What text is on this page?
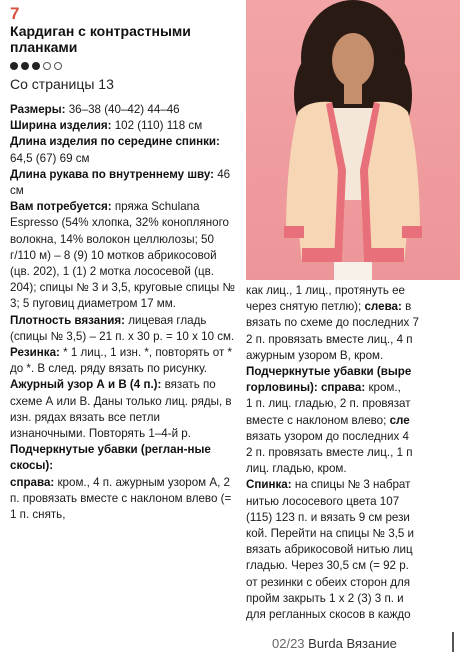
7
Кардиган с контрастными планками
Со страницы 13

Размеры: 36–38 (40–42) 44–46

Ширина изделия: 102 (110) 118 см

Длина изделия по середине спинки: 64,5 (67) 69 см

Длина рукава по внутреннему шву: 46 см

Вам потребуется: пряжа Schulana Espresso (54% хлопка, 32% конопляного волокна, 14% волокон целлюлозы; 50 г/110 м) – 8 (9) 10 мотков абрикосовой (цв. 202), 1 (1) 2 мотка лососевой (цв. 204); спицы № 3 и 3,5, круговые спицы № 3; 5 пуговиц диаметром 17 мм.

Плотность вязания: лицевая гладь (спицы № 3,5) – 21 п. х 30 р. = 10 х 10 см.

Резинка: * 1 лиц., 1 изн. *, повторять от * до *. В след. ряду вязать по рисунку.

Ажурный узор А и В (4 п.): вязать по схеме А или В. Даны только лиц. ряды, в изн. рядах вязать все петли изнаночными. Повторять 1–4-й р.

Подчеркнутые убавки (реглан-ные скосы):

справа: кром., 4 п. ажурным узором А, 2 п. провязать вместе с наклоном влево (= 1 п. снять,

как лиц., 1 лиц., протянуть ее

через снятую петлю); слева: в

вязать по схеме до последних 7

2 п. провязать вместе лиц., 4 п

ажурным узором В, кром.

Подчеркнутые убавки (выре

горловины): справа: кром.,

1 п. лиц. гладью, 2 п. провязат

вместе с наклоном влево; сле

вязать узором до последних 4

2 п. провязать вместе лиц., 1 п

лиц. гладью, кром.

Спинка: на спицы № 3 набрат

нитью лососевого цвета 107

(115) 123 п. и вязать 9 см рези

кой. Перейти на спицы № 3,5 и

вязать абрикосовой нитью лиц

гладью. Через 30,5 см (= 92 р.

от резинки с обеих сторон для

пройм закрыть 1 х 2 (3) 3 п. и

для регланных скосов в каждо

02/23 Burda Вязание
